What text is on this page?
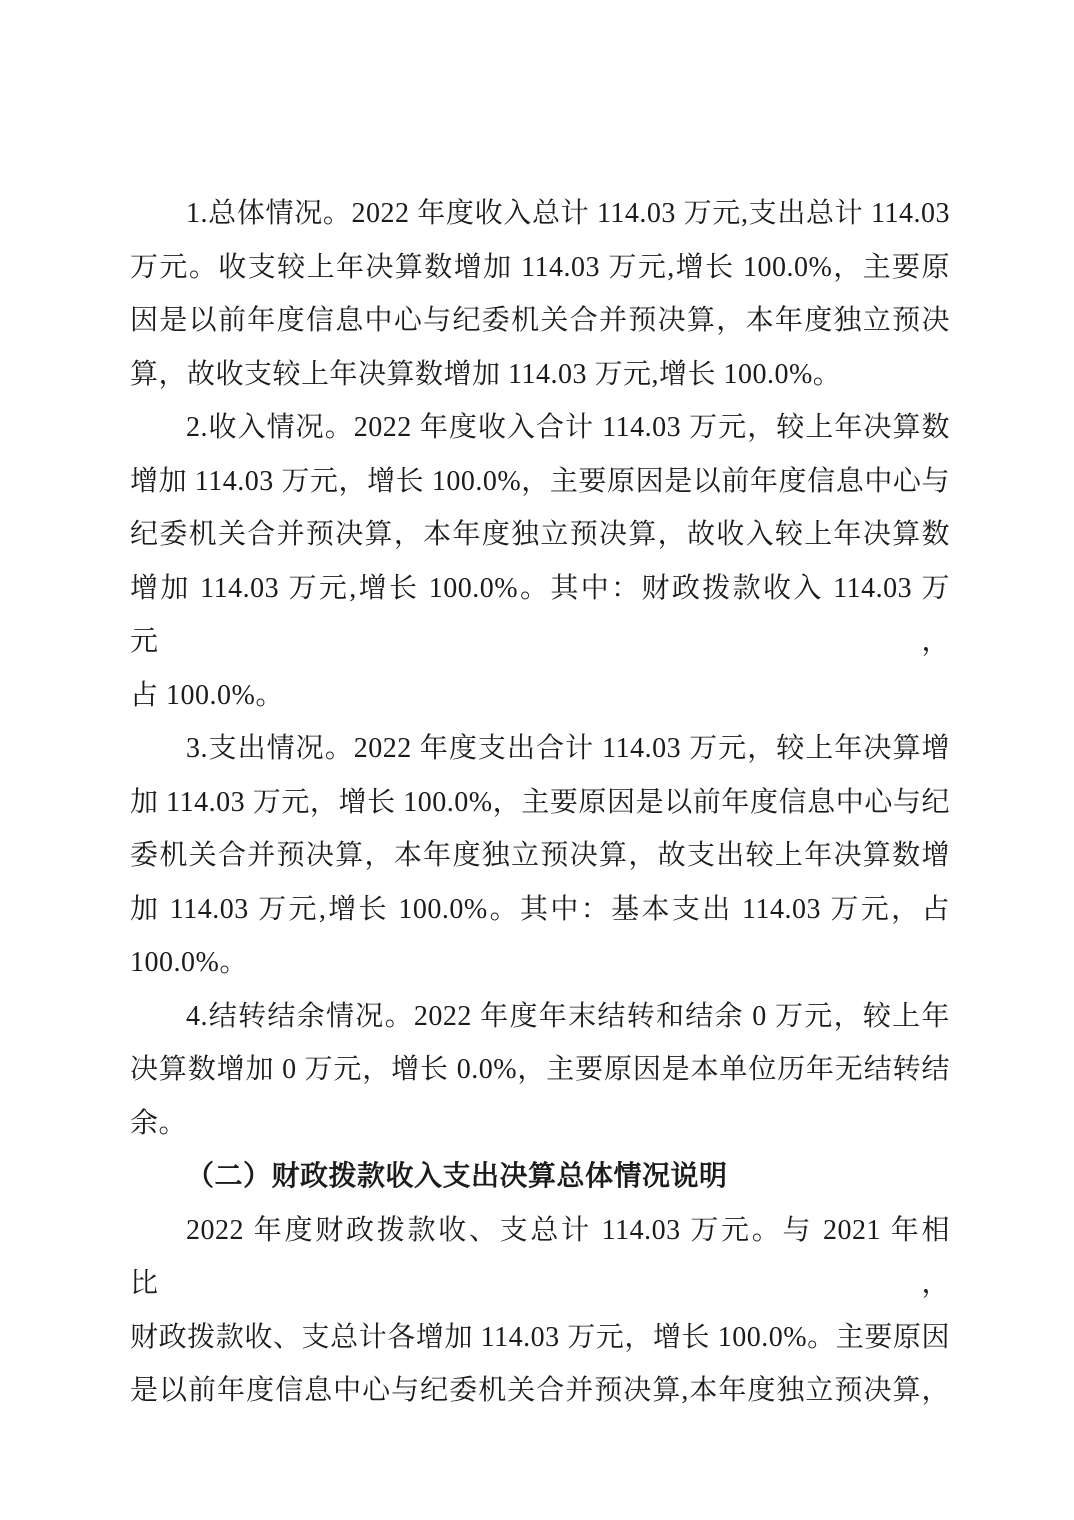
1.总体情况。2022 年度收入总计 114.03 万元,支出总计 114.03
万元。收支较上年决算数增加 114.03 万元,增长 100.0%，主要原
因是以前年度信息中心与纪委机关合并预决算，本年度独立预决
算，故收支较上年决算数增加 114.03 万元,增长 100.0%。

2.收入情况。2022 年度收入合计 114.03 万元，较上年决算数
增加 114.03 万元，增长 100.0%，主要原因是以前年度信息中心与
纪委机关合并预决算，本年度独立预决算，故收入较上年决算数
增加 114.03 万元,增长 100.0%。其中：财政拨款收入 114.03 万元，
占 100.0%。

3.支出情况。2022 年度支出合计 114.03 万元，较上年决算增
加 114.03 万元，增长 100.0%，主要原因是以前年度信息中心与纪
委机关合并预决算，本年度独立预决算，故支出较上年决算数增
加 114.03 万元,增长 100.0%。其中：基本支出 114.03 万元，占
100.0%。

4.结转结余情况。2022 年度年末结转和结余 0 万元，较上年
决算数增加 0 万元，增长 0.0%，主要原因是本单位历年无结转结
余。

（二）财政拨款收入支出决算总体情况说明

2022 年度财政拨款收、支总计 114.03 万元。与 2021 年相比，
财政拨款收、支总计各增加 114.03 万元，增长 100.0%。主要原因
是以前年度信息中心与纪委机关合并预决算,本年度独立预决算，
